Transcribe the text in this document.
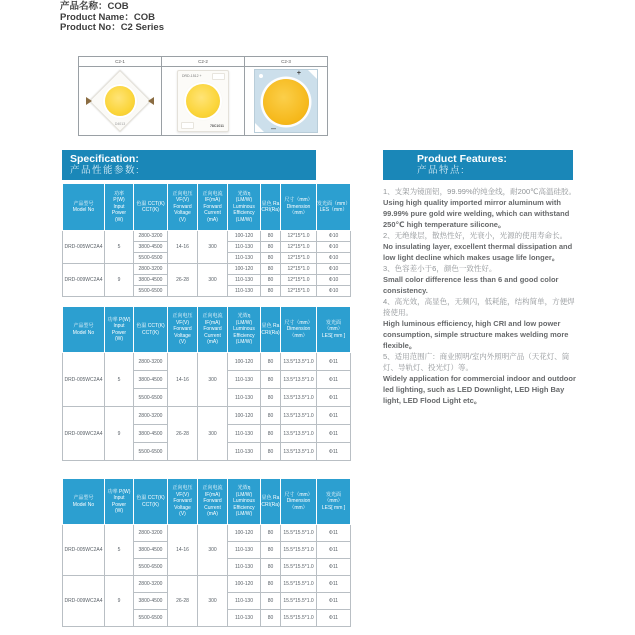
产品名称：COB
Product Name：COB
Product No：C2 Series
C2-1
D4013
C2-2
DRD-1512 +
78C1011
C2-3
+
–
Specification:
产品性能参数:
Product Features:
产品特点:
产品型号
Model No

功率
P(W)
Input
Power
(W)

色温 CCT(K)
CCT(K)

正向电压
VF(V)
Forward
Voltage
(V)

正向电流
IF(mA)
Forward
Current
(mA)

光效η
(LM/W)
Luminous
Efficiency
(LM/W)

显色 Ra
CRI(Ra)

尺寸（mm）
Dimension
（mm）

发光面（mm）
LES（mm）

DRD-005WC2A4	5	2800-3200	14-16	300	100-120	80	12*15*1.0	Φ10
		3800-4500			110-130	80	12*15*1.0	Φ10
		5500-6500			110-130	80	12*15*1.0	Φ10
DRD-009WC2A4	9	2800-3200	26-28	300	100-120	80	12*15*1.0	Φ10
		3800-4500			110-130	80	12*15*1.0	Φ10
		5500-6500			110-130	80	12*15*1.0	Φ10
产品型号
Model No

功率 P(W)
Input
Power
(W)

色温 CCT(K)
CCT(K)

正向电压
VF(V)
Forward
Voltage
(V)

正向电流
IF(mA)
Forward
Current
(mA)

光效η
(LM/W)
Luminous
Efficiency
(LM/W)

显色 Ra
CRI(Ra)

尺寸（mm）
Dimension
（mm）

发光面
（mm）
LES[ mm ]

DRD-005WC2A4	5	2800-3200	14-16	300	100-120	80	13.5*13.5*1.0	Φ11
		3800-4500			110-130	80	13.5*13.5*1.0	Φ11
		5500-6500			110-130	80	13.5*13.5*1.0	Φ11
DRD-009WC2A4	9	2800-3200	26-28	300	100-120	80	13.5*13.5*1.0	Φ11
		3800-4500			110-130	80	13.5*13.5*1.0	Φ11
		5500-6500			110-130	80	13.5*13.5*1.0	Φ11
产品型号
Model No

功率 P(W)
Input
Power
(W)

色温 CCT(K)
CCT(K)

正向电压
VF(V)
Forward
Voltage
(V)

正向电流
IF(mA)
Forward
Current
(mA)

光效η
(LM/W)
Luminous
Efficiency
(LM/W)

显色 Ra
CRI(Ra)

尺寸（mm）
Dimension
（mm）

发光面
（mm）
LES[ mm ]

DRD-005WC2A4	5	2800-3200	14-16	300	100-120	80	15.5*15.5*1.0	Φ11
		3800-4500			110-130	80	15.5*15.5*1.0	Φ11
		5500-6500			110-130	80	15.5*15.5*1.0	Φ11
DRD-009WC2A4	9	2800-3200	26-28	300	100-120	80	15.5*15.5*1.0	Φ11
		3800-4500			110-130	80	15.5*15.5*1.0	Φ11
		5500-6500			110-130	80	15.5*15.5*1.0	Φ11

1、支架为镜面铝，99.99%的纯金线，耐200℃高温硅胶。

Using high quality imported mirror aluminum with 99.99% pure gold wire welding, which can withstand 250℃ high temperature silicone。

2、无绝缘层，散热性好，光衰小，光源的使用寿命长。

No insulating layer, excellent thermal dissipation and low light decline which makes usage life longer。

3、色容差小于6，颜色一致性好。

Small color difference less than 6 and good color consistency.

4、高光效，高显色，无频闪，低耗能，结构简单，方便焊接使用。

High luminous efficiency, high CRI and low power consumption, simple structure makes welding more flexible。

5、适用范围广：商业照明/室内外照明产品（天花灯、筒灯、导轨灯、投光灯）等。

Widely application for commercial indoor and outdoor led lighting, such as LED Downlight, LED High Bay light, LED Flood Light etc。
